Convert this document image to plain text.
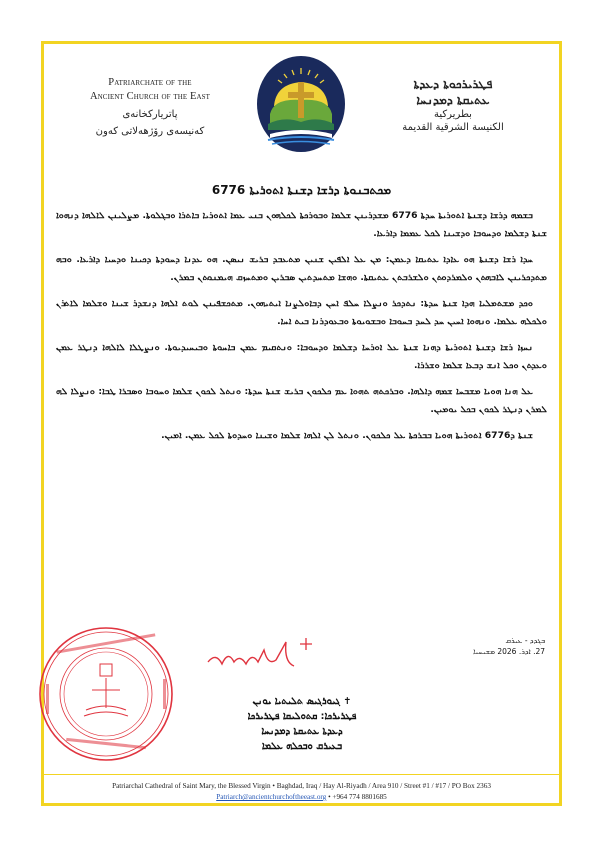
Patriarchate of the
Ancient Church of the East
پاتریارکخانەی
کەنیسەی رۆژهەلاتی کەون
ܦܛܪܝܪܟܘܬܐ ܕܥܕܬܐ
ܥܬܝܩܬܐ ܕܡܕܢܚܐ
بطريركية
الكنيسة الشرقية القديمة
ܡܟܬܒܢܘܬܐ ܕܪܫܐ ܕܫܢܬܐ ܐܬܘܪܝܬܐ 6776

ܒܫܡܗ ܕܪܫܐ ܕܫܢܬܐ ܐܬܘܪܝܬܐ ܚܕܬܐ 6776 ܡܫܕܪܝܢܢ ܫܠܡܐ ܘܒܘܪܟܬܐ ܠܟܠܗܘܢ ܒܢܝ ܥܡܐ ܐܬܘܪܝܐ ܒܐܬܪܐ ܘܒܓܠܘܬܐ. ܡܨܠܝܢܢ ܠܐܠܗܐ ܕܢܗܘܐ ܫܢܬܐ ܕܫܠܡܐ ܘܕܚܘܒܐ ܘܕܫܝܢܐ ܠܟܠ ܥܡܡܐ ܕܐܪܥܐ.

ܚܕܐ ܪܫܐ ܕܫܢܬܐ ܗܘ ܥܐܕܐ ܥܬܝܩܐ ܕܥܡܢ: ܡܢ ܥܠ ܐܠܦܝܢ ܫܢܝܢ ܡܬܥܒܕ ܒܪܝܫ ܢܝܣܢ. ܗܘ ܥܕܢܐ ܕܚܘܕܬܐ ܕܟܝܢܐ ܘܕܚܝܐ ܕܐܪܥܐ. ܘܒܗ ܡܬܕܟܪܝܢܢ ܠܐܒܗܬܢ ܘܠܡܪܕܘܬܢ ܘܠܫܪܒܬܢ ܥܬܝܩܬܐ. ܘܗܫܐ ܡܬܚܕܬܝܢ ܣܒܪܝܢ ܘܡܬܚܙܩ ܗܝܡܢܘܬܢ ܒܡܪܢ.

ܘܟܕ ܡܫܬܡܠܝܐ ܗܕܐ ܫܢܬܐ ܚܕܬܐ: ܢܬܕܟܪ ܘܢܨܠܐ ܚܠܦ ܐܚܢ ܕܒܐܘܠܨܢܐ ܐܝܬܝܗܘܢ. ܡܬܟܫܦܝܢܢ ܠܘܬ ܐܠܗܐ ܕܢܫܕܪ ܫܝܢܐ ܘܫܠܡܐ ܠܐܬܪܢ ܘܠܟܠܗ ܥܠܡܐ. ܘܢܗܘܐ ܐܚܝܢ ܚܕ ܠܚܕ ܒܚܘܒܐ ܘܒܫܘܝܘܬܐ ܘܒܥܘܕܪܢܐ ܒܝܬ ܐܚܐ.

ܢܚܙܐ ܪܫܐ ܕܫܢܬܐ ܐܬܘܪܝܬܐ ܕܗܢܐ ܫܢܬܐ ܥܠ ܐܘܪܚܐ ܕܫܠܡܐ ܘܕܚܘܒܐ: ܘܢܬܩܝܡ ܥܡܢ ܒܐܚܘܬܐ ܘܒܝܚܝܕܝܘܬܐ. ܘܢܨܛܠܐ ܠܐܠܗܐ ܕܢܛܪ ܥܡܢ ܘܥܕܬܢ ܘܟܠ ܐܢܫ ܕܒܥܐ ܫܠܡܐ ܘܫܪܪܐ.

ܥܠ ܗܢܐ ܗܘܝܐ ܡܫܒܚܐ ܫܡܗ ܕܐܠܗܐ. ܘܒܪܟܬܗ ܬܗܘܐ ܥܡ ܟܠܟܘܢ ܒܪܝܫ ܫܢܬܐ ܚܕܬܐ: ܘܢܬܠ ܠܟܘܢ ܫܠܡܐ ܘܚܘܒܐ ܘܣܒܪܐ ܛܒܐ: ܘܢܨܠܐ ܠܗ ܠܡܪܢ ܕܢܛܪ ܠܟܘܢ ܒܟܠ ܝܘܡܝܢ.

ܫܢܬܐ ܕ6776 ܐܬܘܪܝܬܐ ܗܘܝܐ ܒܒܪܟܬܐ ܥܠ ܟܠܟܘܢ. ܘܢܬܠ ܠܢ ܐܠܗܐ ܫܠܡܐ ܘܫܝܢܐ ܘܚܕܘܬܐ ܠܟܠ ܥܡܢ. ܐܡܝܢ.

ܒܓܕܕ - ܥܝܪܩ
27. ܐܕܪ. 2026 ܡܫܝܚܝܐ
✝ ܓܝܘܪܓܝܣ ܬܠܝܬܝܐ ܝܘܢܢ
ܦܛܪܝܪܟܐ: ܩܬܘܠܝܩܐ ܦܛܪܝܪܟܐ
ܕܥܕܬܐ ܥܬܝܩܬܐ ܕܡܕܢܚܐ
ܒܥܝܪܩ ܘܒܟܠܗ ܥܠܡܐ
Patriarchal Cathedral of Saint Mary, the Blessed Virgin • Baghdad, Iraq / Hay Al-Riyadh / Area 910 / Street #1 / #17 / PO Box 2363
Patriarch@ancientchurchoftheeast.org • +964 774 8801685
